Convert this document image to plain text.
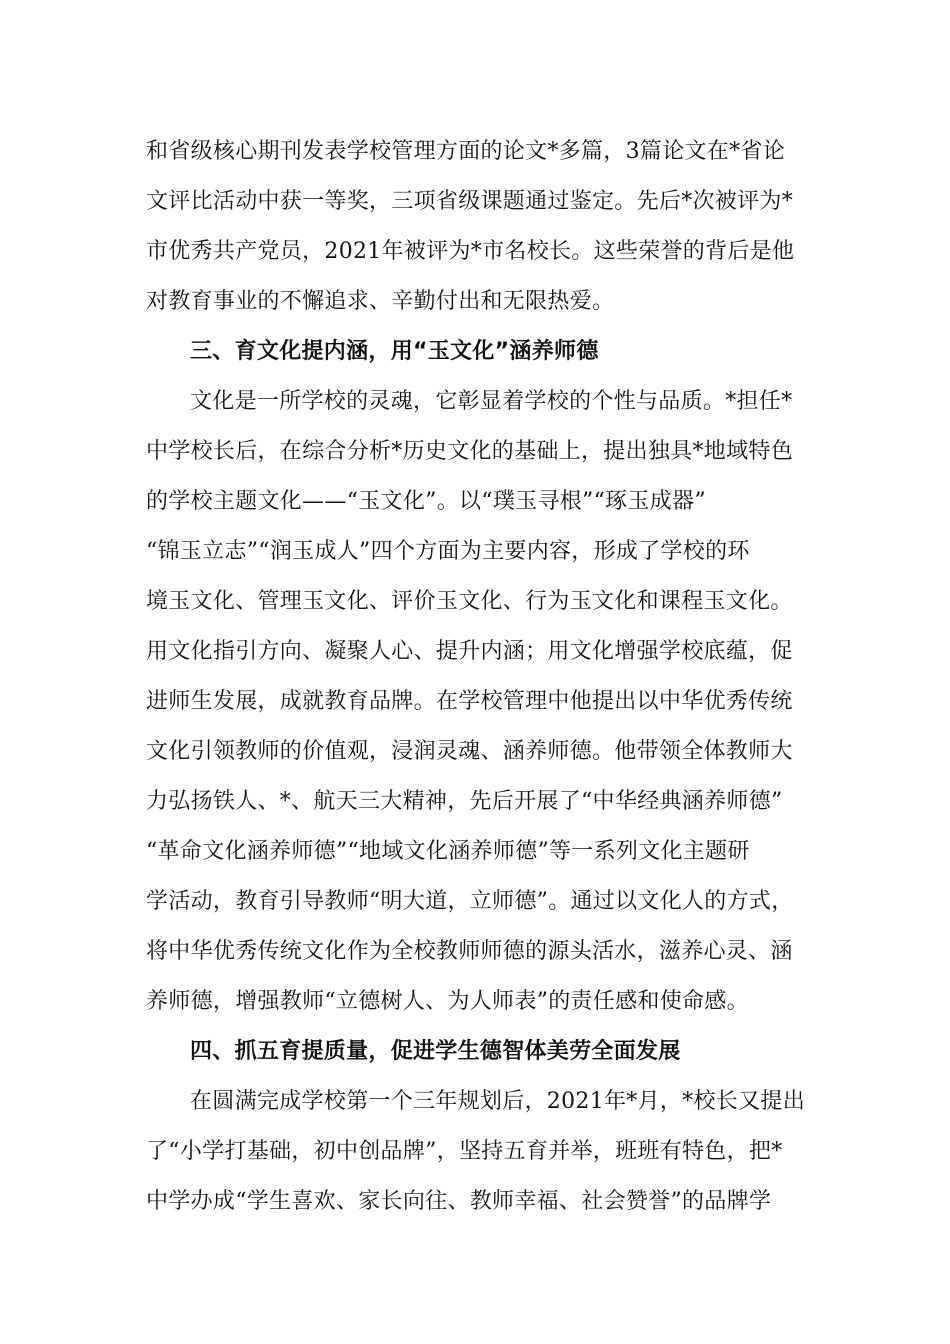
和省级核心期刊发表学校管理方面的论文*多篇，3篇论文在*省论
文评比活动中获一等奖，三项省级课题通过鉴定。先后*次被评为*
市优秀共产党员，2021年被评为*市名校长。这些荣誉的背后是他
对教育事业的不懈追求、辛勤付出和无限热爱。
三、育文化提内涵，用“玉文化”涵养师德
文化是一所学校的灵魂，它彰显着学校的个性与品质。*担任*
中学校长后，在综合分析*历史文化的基础上，提出独具*地域特色
的学校主题文化——“玉文化”。以“璞玉寻根”“琢玉成器”
“锦玉立志”“润玉成人”四个方面为主要内容，形成了学校的环
境玉文化、管理玉文化、评价玉文化、行为玉文化和课程玉文化。
用文化指引方向、凝聚人心、提升内涵；用文化增强学校底蕴，促
进师生发展，成就教育品牌。在学校管理中他提出以中华优秀传统
文化引领教师的价值观，浸润灵魂、涵养师德。他带领全体教师大
力弘扬铁人、*、航天三大精神，先后开展了“中华经典涵养师德”
“革命文化涵养师德”“地域文化涵养师德”等一系列文化主题研
学活动，教育引导教师“明大道，立师德”。通过以文化人的方式，
将中华优秀传统文化作为全校教师师德的源头活水，滋养心灵、涵
养师德，增强教师“立德树人、为人师表”的责任感和使命感。
四、抓五育提质量，促进学生德智体美劳全面发展
在圆满完成学校第一个三年规划后，2021年*月，*校长又提出
了“小学打基础，初中创品牌”，坚持五育并举，班班有特色，把*
中学办成“学生喜欢、家长向往、教师幸福、社会赞誉”的品牌学
